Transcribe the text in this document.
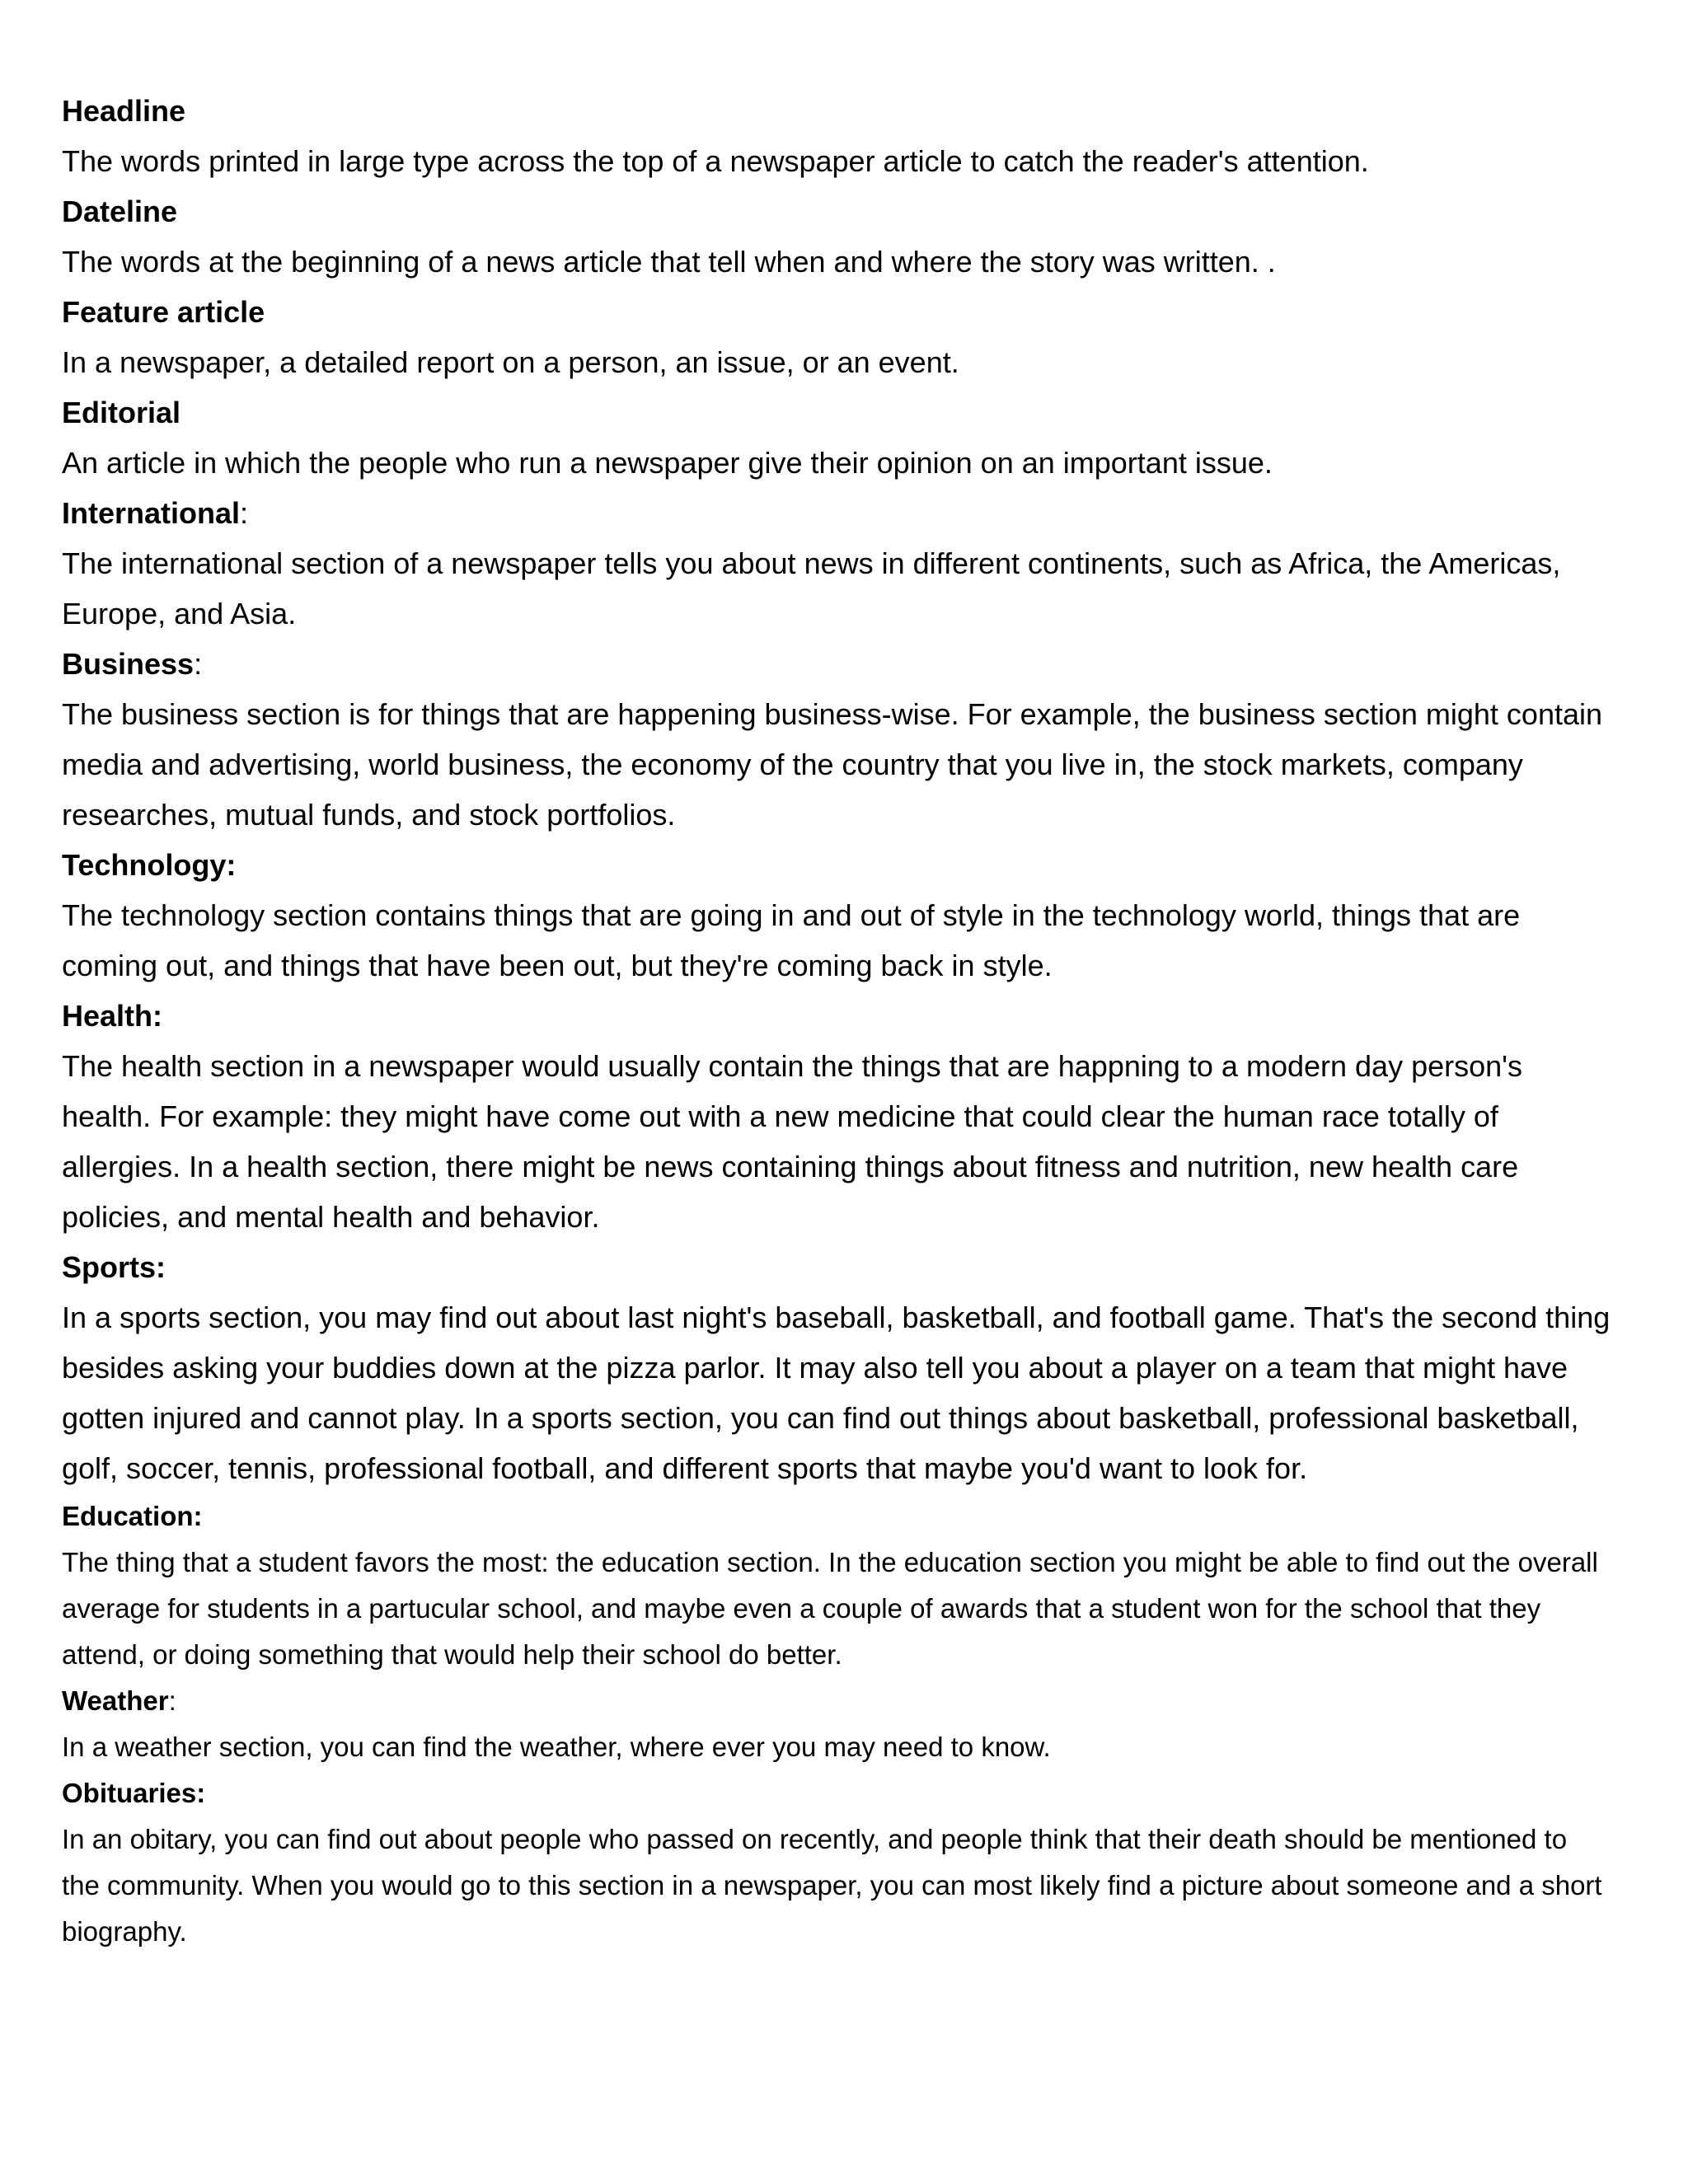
Headline

The words printed in large type across the top of a newspaper article to catch the reader's attention.

Dateline

The words at the beginning of a news article that tell when and where the story was written. .

Feature article

In a newspaper, a detailed report on a person, an issue, or an event.

Editorial

An article in which the people who run a newspaper give their opinion on an important issue.

International:

The international section of a newspaper tells you about news in different continents, such as Africa, the Americas, Europe, and Asia.

Business:

The business section is for things that are happening business-wise. For example, the business section might contain media and advertising, world business, the economy of the country that you live in, the stock markets, company researches, mutual funds, and stock portfolios.

Technology:

The technology section contains things that are going in and out of style in the technology world, things that are coming out, and things that have been out, but they're coming back in style.

Health:

The health section in a newspaper would usually contain the things that are happning to a modern day person's health. For example: they might have come out with a new medicine that could clear the human race totally of allergies. In a health section, there might be news containing things about fitness and nutrition, new health care policies, and mental health and behavior.

Sports:

In a sports section, you may find out about last night's baseball, basketball, and football game. That's the second thing besides asking your buddies down at the pizza parlor. It may also tell you about a player on a team that might have gotten injured and cannot play. In a sports section, you can find out things about basketball, professional basketball, golf, soccer, tennis, professional football, and different sports that maybe you'd want to look for.

Education:

The thing that a student favors the most: the education section. In the education section you might be able to find out the overall average for students in a partucular school, and maybe even a couple of awards that a student won for the school that they attend, or doing something that would help their school do better.

Weather:

In a weather section, you can find the weather, where ever you may need to know.

Obituaries:

In an obitary, you can find out about people who passed on recently, and people think that their death should be mentioned to the community. When you would go to this section in a newspaper, you can most likely find a picture about someone and a short biography.
